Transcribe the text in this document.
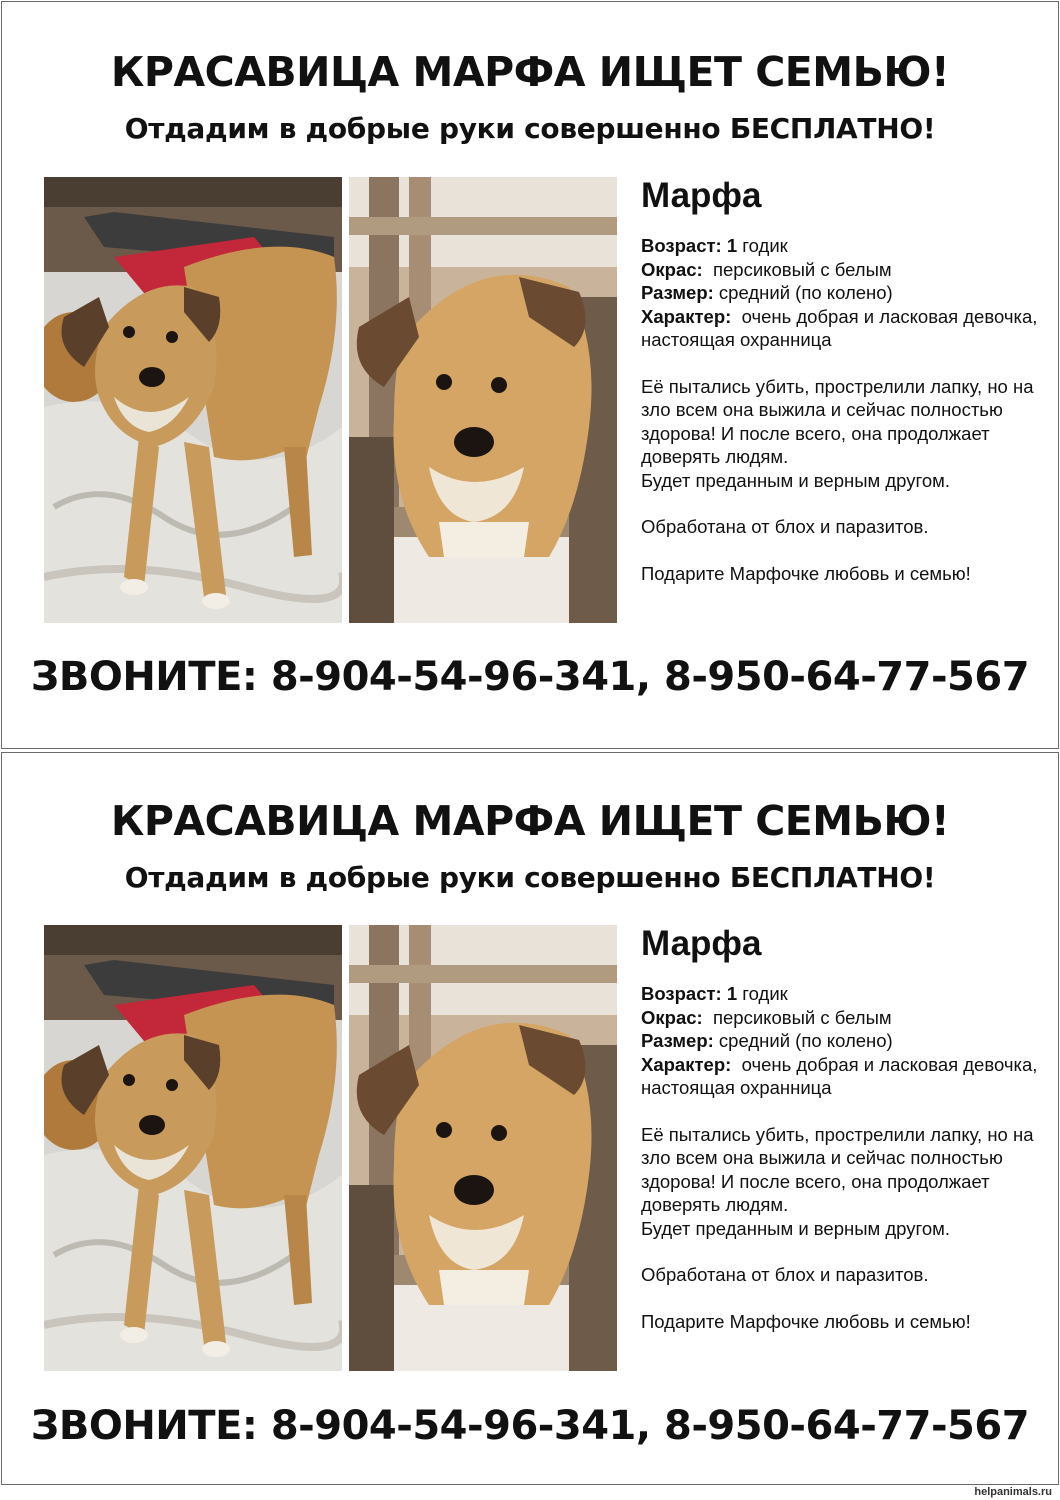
КРАСАВИЦА МАРФА ИЩЕТ СЕМЬЮ!
Отдадим в добрые руки совершенно БЕСПЛАТНО!
Марфа
Возраст: 1 годик
Окрас: персиковый с белым
Размер: средний (по колено)
Характер: очень добрая и ласковая девочка, настоящая охранница
Её пытались убить, прострелили лапку, но на зло всем она выжила и сейчас полностью здорова! И после всего, она продолжает доверять людям.
Будет преданным и верным другом.
Обработана от блох и паразитов.
Подарите Марфочке любовь и семью!
ЗВОНИТЕ: 8-904-54-96-341, 8-950-64-77-567
КРАСАВИЦА МАРФА ИЩЕТ СЕМЬЮ!
Отдадим в добрые руки совершенно БЕСПЛАТНО!
Марфа
Возраст: 1 годик
Окрас: персиковый с белым
Размер: средний (по колено)
Характер: очень добрая и ласковая девочка, настоящая охранница
Её пытались убить, прострелили лапку, но на зло всем она выжила и сейчас полностью здорова! И после всего, она продолжает доверять людям.
Будет преданным и верным другом.
Обработана от блох и паразитов.
Подарите Марфочке любовь и семью!
ЗВОНИТЕ: 8-904-54-96-341, 8-950-64-77-567
helpanimals.ru
